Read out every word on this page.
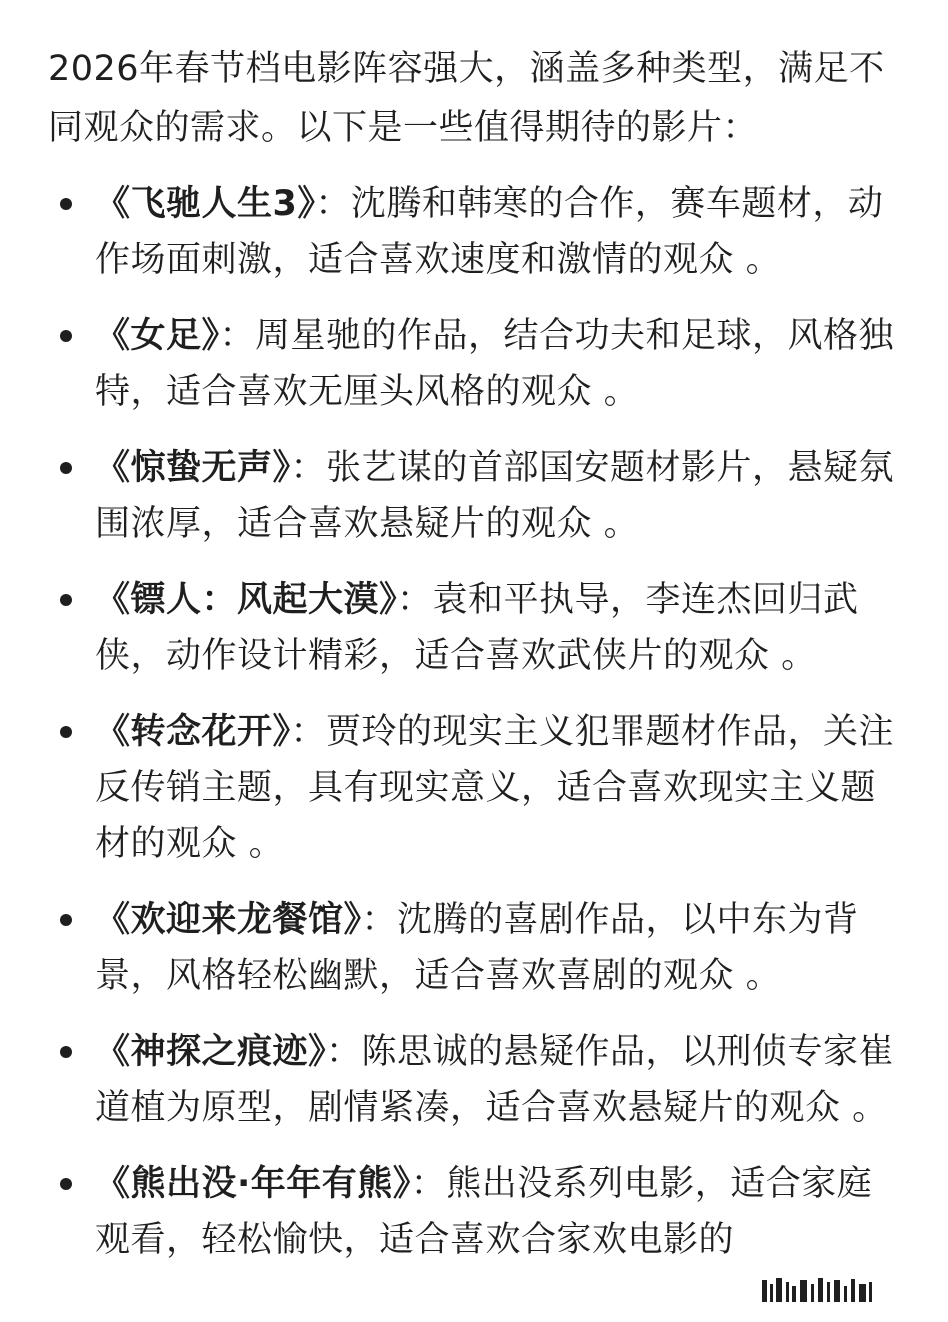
2026年春节档电影阵容强大，涵盖多种类型，满足不同观众的需求。以下是一些值得期待的影片：

《飞驰人生3》：沈腾和韩寒的合作，赛车题材，动作场面刺激，适合喜欢速度和激情的观众 。
《女足》：周星驰的作品，结合功夫和足球，风格独特，适合喜欢无厘头风格的观众 。
《惊蛰无声》：张艺谋的首部国安题材影片，悬疑氛围浓厚，适合喜欢悬疑片的观众 。
《镖人：风起大漠》：袁和平执导，李连杰回归武侠，动作设计精彩，适合喜欢武侠片的观众 。
《转念花开》：贾玲的现实主义犯罪题材作品，关注反传销主题，具有现实意义，适合喜欢现实主义题材的观众 。
《欢迎来龙餐馆》：沈腾的喜剧作品，以中东为背景，风格轻松幽默，适合喜欢喜剧的观众 。
《神探之痕迹》：陈思诚的悬疑作品，以刑侦专家崔道植为原型，剧情紧凑，适合喜欢悬疑片的观众 。
《熊出没·年年有熊》：熊出没系列电影，适合家庭观看，轻松愉快，适合喜欢合家欢电影的
